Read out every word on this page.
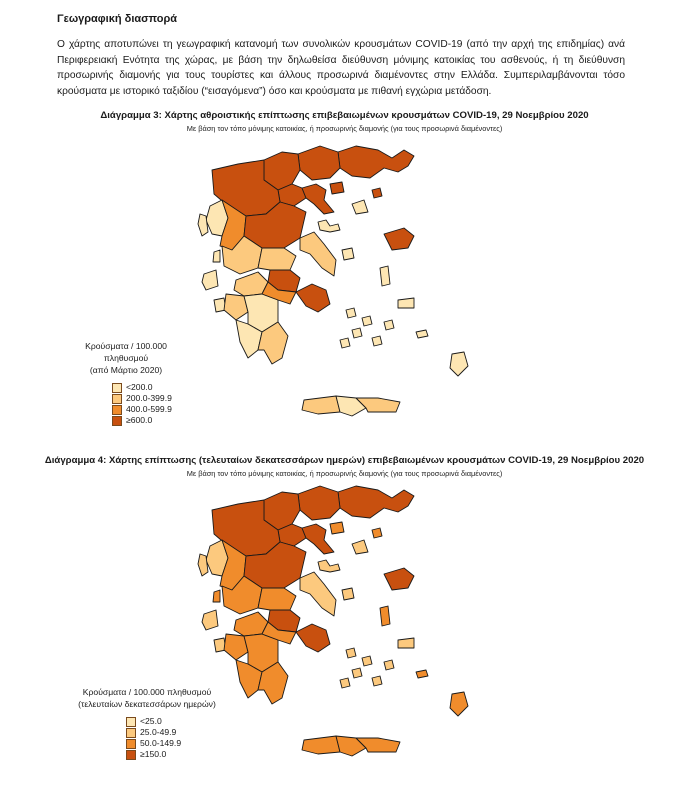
Γεωγραφική διασπορά
Ο χάρτης αποτυπώνει τη γεωγραφική κατανομή των συνολικών κρουσμάτων COVID-19 (από την αρχή της επιδημίας) ανά Περιφερειακή Ενότητα της χώρας, με βάση την δηλωθείσα διεύθυνση μόνιμης κατοικίας του ασθενούς, ή τη διεύθυνση προσωρινής διαμονής για τους τουρίστες και άλλους προσωρινά διαμένοντες στην Ελλάδα. Συμπεριλαμβάνονται τόσο κρούσματα με ιστορικό ταξιδίου (“εισαγόμενα”) όσο και κρούσματα με πιθανή εγχώρια μετάδοση.
Διάγραμμα 3: Χάρτης αθροιστικής επίπτωσης επιβεβαιωμένων κρουσμάτων COVID-19, 29 Νοεμβρίου 2020
Με βάση τον τόπο μόνιμης κατοικίας, ή προσωρινής διαμονής (για τους προσωρινά διαμένοντες)
Κρούσματα / 100.000 πληθυσμού
(από Μάρτιο 2020)
<200.0
200.0-399.9
400.0-599.9
≥600.0
Διάγραμμα 4: Χάρτης επίπτωσης (τελευταίων δεκατεσσάρων ημερών) επιβεβαιωμένων κρουσμάτων COVID-19, 29 Νοεμβρίου 2020
Με βάση τον τόπο μόνιμης κατοικίας, ή προσωρινής διαμονής (για τους προσωρινά διαμένοντες)
Κρούσματα / 100.000 πληθυσμού
(τελευταίων δεκατεσσάρων ημερών)
<25.0
25.0-49.9
50.0-149.9
≥150.0
